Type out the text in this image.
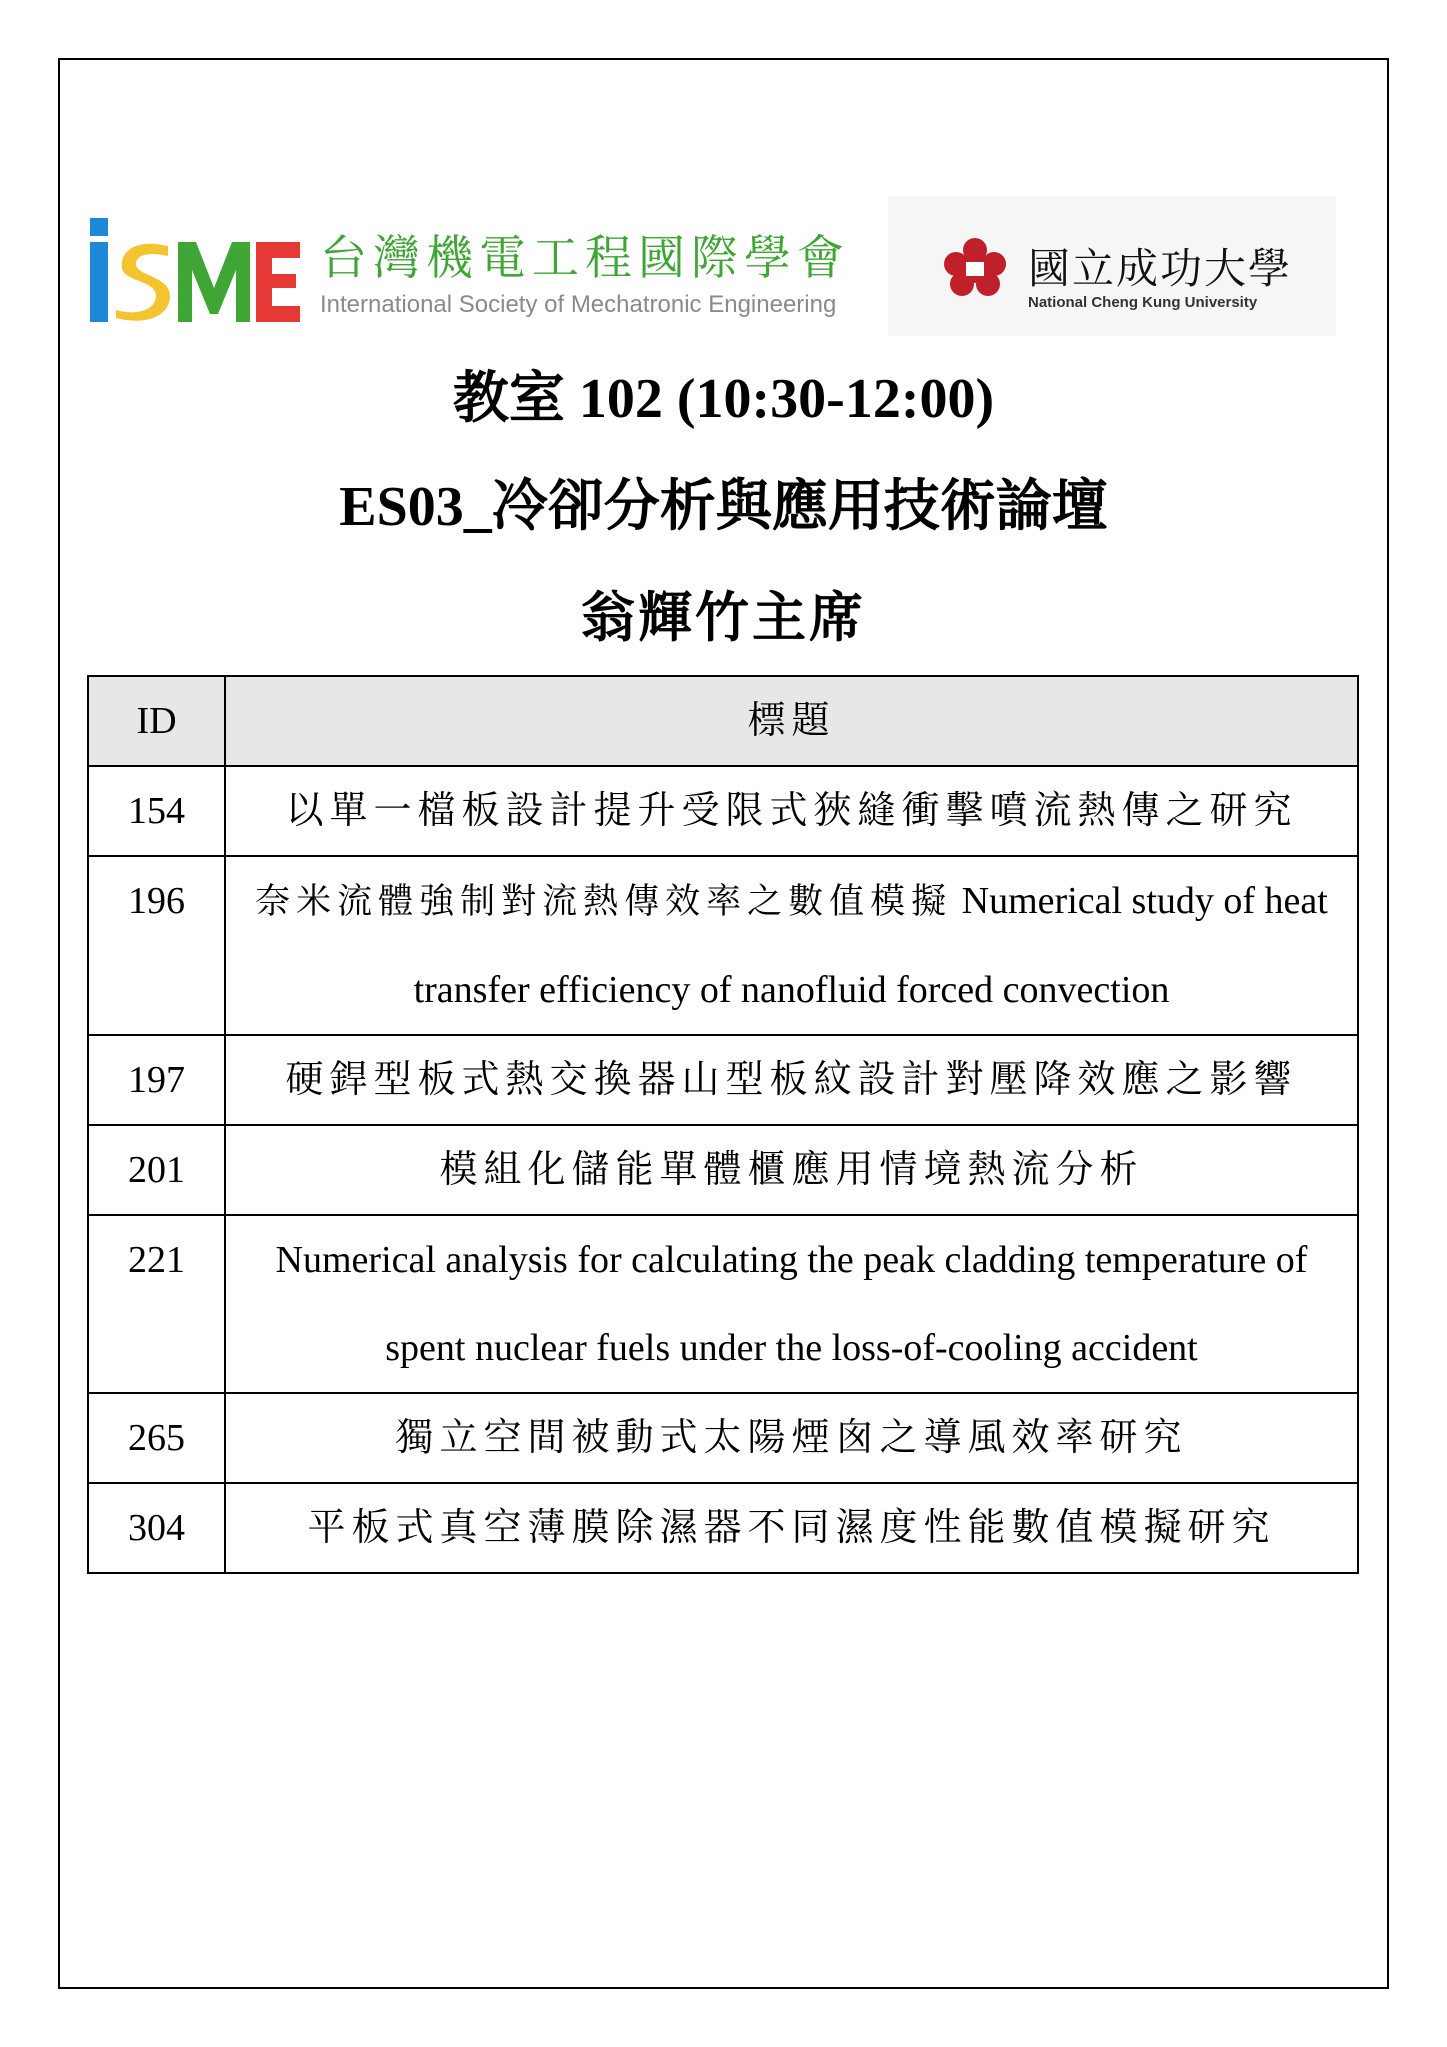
台灣機電工程國際學會
International Society of Mechatronic Engineering
國立成功大學
National Cheng Kung University
教室 102 (10:30-12:00)
ES03_冷卻分析與應用技術論壇
翁輝竹主席
ID	標題
154	以單一檔板設計提升受限式狹縫衝擊噴流熱傳之研究
196	奈米流體強制對流熱傳效率之數值模擬 Numerical study of heat transfer efficiency of nanofluid forced convection
197	硬銲型板式熱交換器山型板紋設計對壓降效應之影響
201	模組化儲能單體櫃應用情境熱流分析
221	Numerical analysis for calculating the peak cladding temperature of spent nuclear fuels under the loss-of-cooling accident
265	獨立空間被動式太陽煙囪之導風效率研究
304	平板式真空薄膜除濕器不同濕度性能數值模擬研究
